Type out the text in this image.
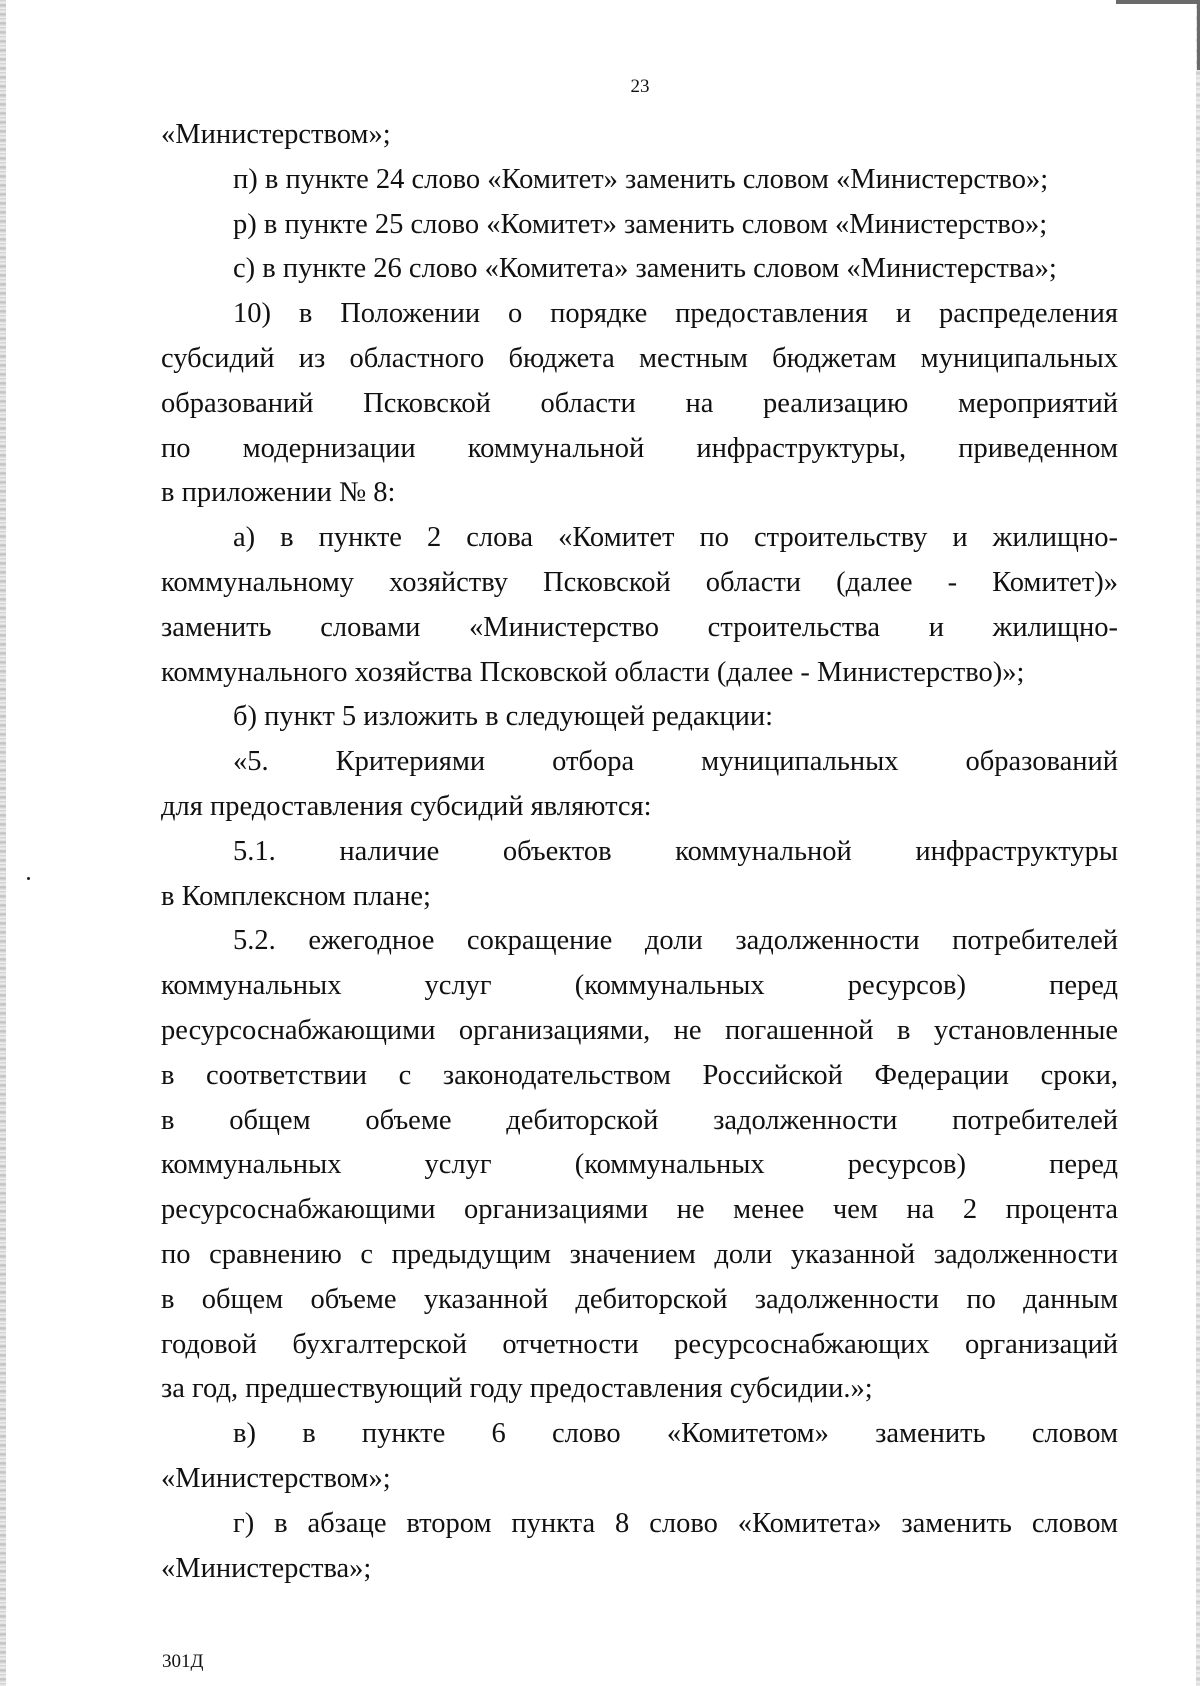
23
«Министерством»;
п) в пункте 24 слово «Комитет» заменить словом «Министерство»;
р) в пункте 25 слово «Комитет» заменить словом «Министерство»;
с) в пункте 26 слово «Комитета» заменить словом «Министерства»;
10) в Положении о порядке предоставления и распределения
субсидий из областного бюджета местным бюджетам муниципальных
образований Псковской области на реализацию мероприятий
по модернизации коммунальной инфраструктуры, приведенном
в приложении № 8:
а) в пункте 2 слова «Комитет по строительству и жилищно-
коммунальному хозяйству Псковской области (далее - Комитет)»
заменить словами «Министерство строительства и жилищно-
коммунального хозяйства Псковской области (далее - Министерство)»;
б) пункт 5 изложить в следующей редакции:
«5. Критериями отбора муниципальных образований
для предоставления субсидий являются:
5.1. наличие объектов коммунальной инфраструктуры
в Комплексном плане;
5.2. ежегодное сокращение доли задолженности потребителей
коммунальных услуг (коммунальных ресурсов) перед
ресурсоснабжающими организациями, не погашенной в установленные
в соответствии с законодательством Российской Федерации сроки,
в общем объеме дебиторской задолженности потребителей
коммунальных услуг (коммунальных ресурсов) перед
ресурсоснабжающими организациями не менее чем на 2 процента
по сравнению с предыдущим значением доли указанной задолженности
в общем объеме указанной дебиторской задолженности по данным
годовой бухгалтерской отчетности ресурсоснабжающих организаций
за год, предшествующий году предоставления субсидии.»;
в) в пункте 6 слово «Комитетом» заменить словом
«Министерством»;
г) в абзаце втором пункта 8 слово «Комитета» заменить словом
«Министерства»;
301Д
